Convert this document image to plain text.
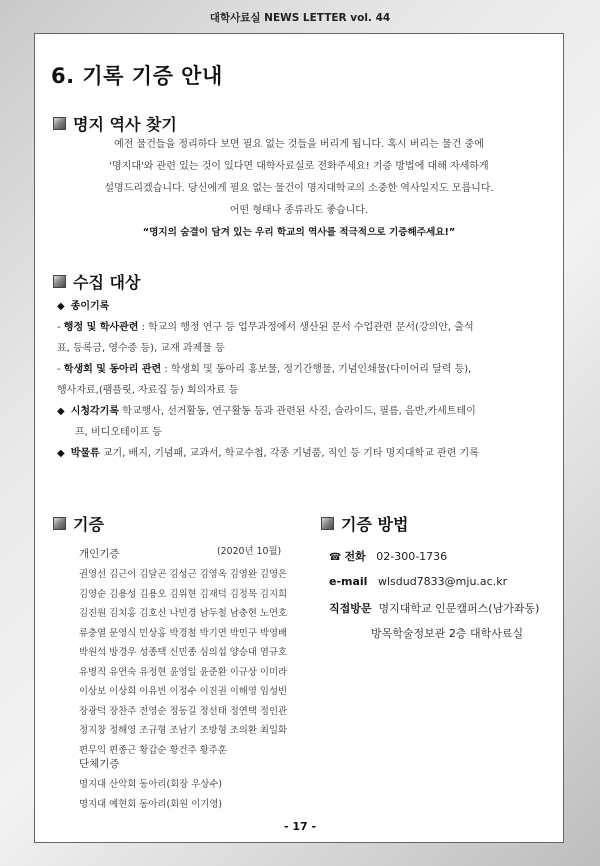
대학사료실 NEWS LETTER vol. 44
6. 기록 기증 안내
명지 역사 찾기
예전 물건들을 정리하다 보면 필요 없는 것들을 버리게 됩니다. 혹시 버리는 물건 중에
'명지대'와 관련 있는 것이 있다면 대학사료실로 전화주세요! 기증 방법에 대해 자세하게
설명드리겠습니다. 당신에게 필요 없는 물건이 명지대학교의 소중한 역사일지도 모릅니다.
어떤 형태나 종류라도 좋습니다.
“명지의 숨결이 담겨 있는 우리 학교의 역사를 적극적으로 기증해주세요!”
수집 대상
◆ 종이기록
- 행정 및 학사관련 : 학교의 행정 연구 등 업무과정에서 생산된 문서 수업관련 문서(강의안, 출석
표, 등록금, 영수증 등), 교재 과제물 등
- 학생회 및 동아리 관련 : 학생회 및 동아리 홍보물, 정기간행물, 기념인쇄물(다이어리 달력 등),
행사자료,(팸플릿, 자료집 등) 회의자료 등
◆ 시청각기록 학교행사, 선거활동, 연구활동 등과 관련된 사진, 슬라이드, 필름, 음반,카세트테이
프, 비디오테이프 등
◆ 박물류 교기, 배지, 기념패, 교과서, 학교수첩, 각종 기념품, 직인 등 기타 명지대학교 관련 기록
기증
개인기증	(2020년 10월)
권영선 김근이 김달곤 김성근 김영옥 김영완 김영은
김영순 김용성 김용오 김위현 김재덕 김정목 김지희
김진원 김치홍 김호신 나민경 남두철 남충현 노연호
류충열 문영식 민상홍 박경철 박기연 박민구 박영배
박원석 방경우 성종택 신민종 심의섭 양승대 염규호
유병직 유연숙 유정현 윤영일 윤준환 이규상 이미라
이상보 이상희 이유빈 이정수 이진권 이해영 임성빈
장광덕 장찬주 전영순 정동길 정선태 정연택 정인관
정지창 정해영 조규형 조남기 조방형 조의환 최일화
편무익 편종근 황갑순 황건주 황주훈
단체기증
명지대 산악회 동아리(회장 우상수)
명지대 예현회 동아리(회원 이기영)
기증 방법
☎ 전화 02-300-1736
e-mail wlsdud7833@mju.ac.kr
직접방문 명지대학교 인문캠퍼스(남가좌동)
방목학술정보관 2층 대학사료실
- 17 -
